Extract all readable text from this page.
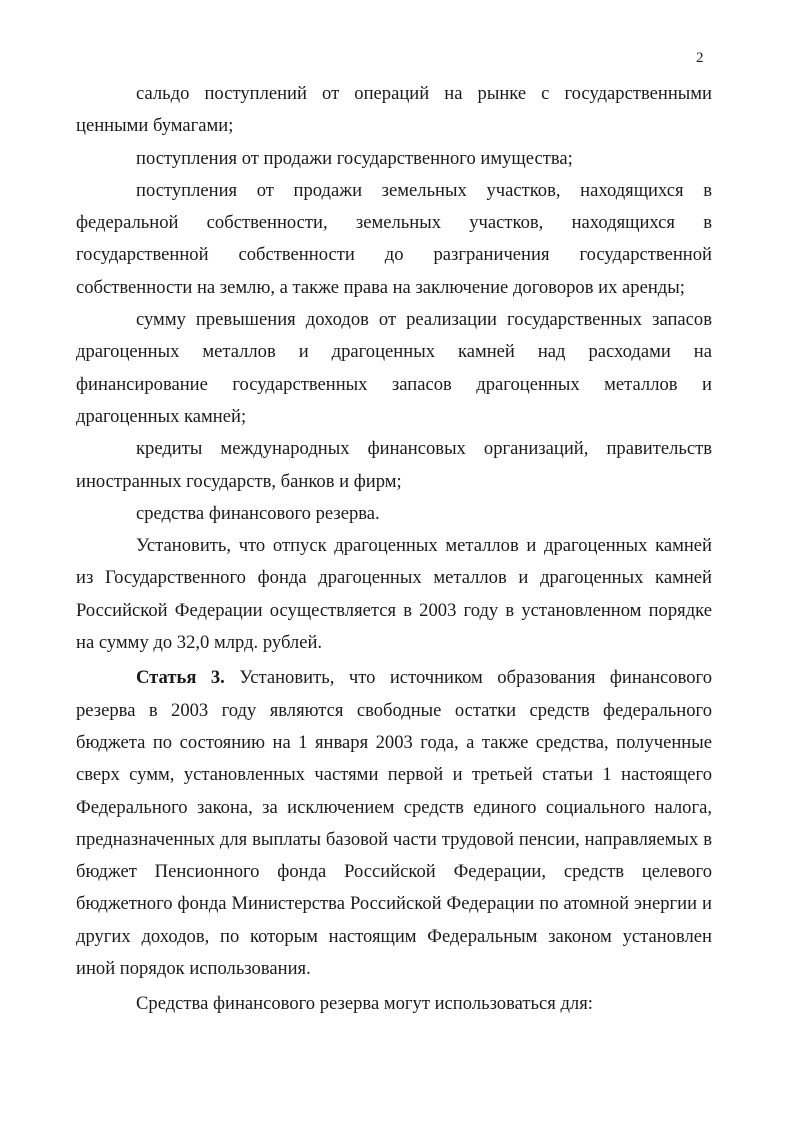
2

сальдо поступлений от операций на рынке с государственными ценными бумагами;

поступления от продажи государственного имущества;

поступления от продажи земельных участков, находящихся в федеральной собственности, земельных участков, находящихся в государственной собственности до разграничения государственной собственности на землю, а также права на заключение договоров их аренды;

сумму превышения доходов от реализации государственных запасов драгоценных металлов и драгоценных камней над расходами на финансирование государственных запасов драгоценных металлов и драгоценных камней;

кредиты международных финансовых организаций, правительств иностранных государств, банков и фирм;

средства финансового резерва.

Установить, что отпуск драгоценных металлов и драгоценных камней из Государственного фонда драгоценных металлов и драгоценных камней Российской Федерации осуществляется в 2003 году в установленном порядке на сумму до 32,0 млрд. рублей.

Статья 3. Установить, что источником образования финансового резерва в 2003 году являются свободные остатки средств федерального бюджета по состоянию на 1 января 2003 года, а также средства, полученные сверх сумм, установленных частями первой и третьей статьи 1 настоящего Федерального закона, за исключением средств единого социального налога, предназначенных для выплаты базовой части трудовой пенсии, направляемых в бюджет Пенсионного фонда Российской Федерации, средств целевого бюджетного фонда Министерства Российской Федерации по атомной энергии и других доходов, по которым настоящим Федеральным законом установлен иной порядок использования.

Средства финансового резерва могут использоваться для:
